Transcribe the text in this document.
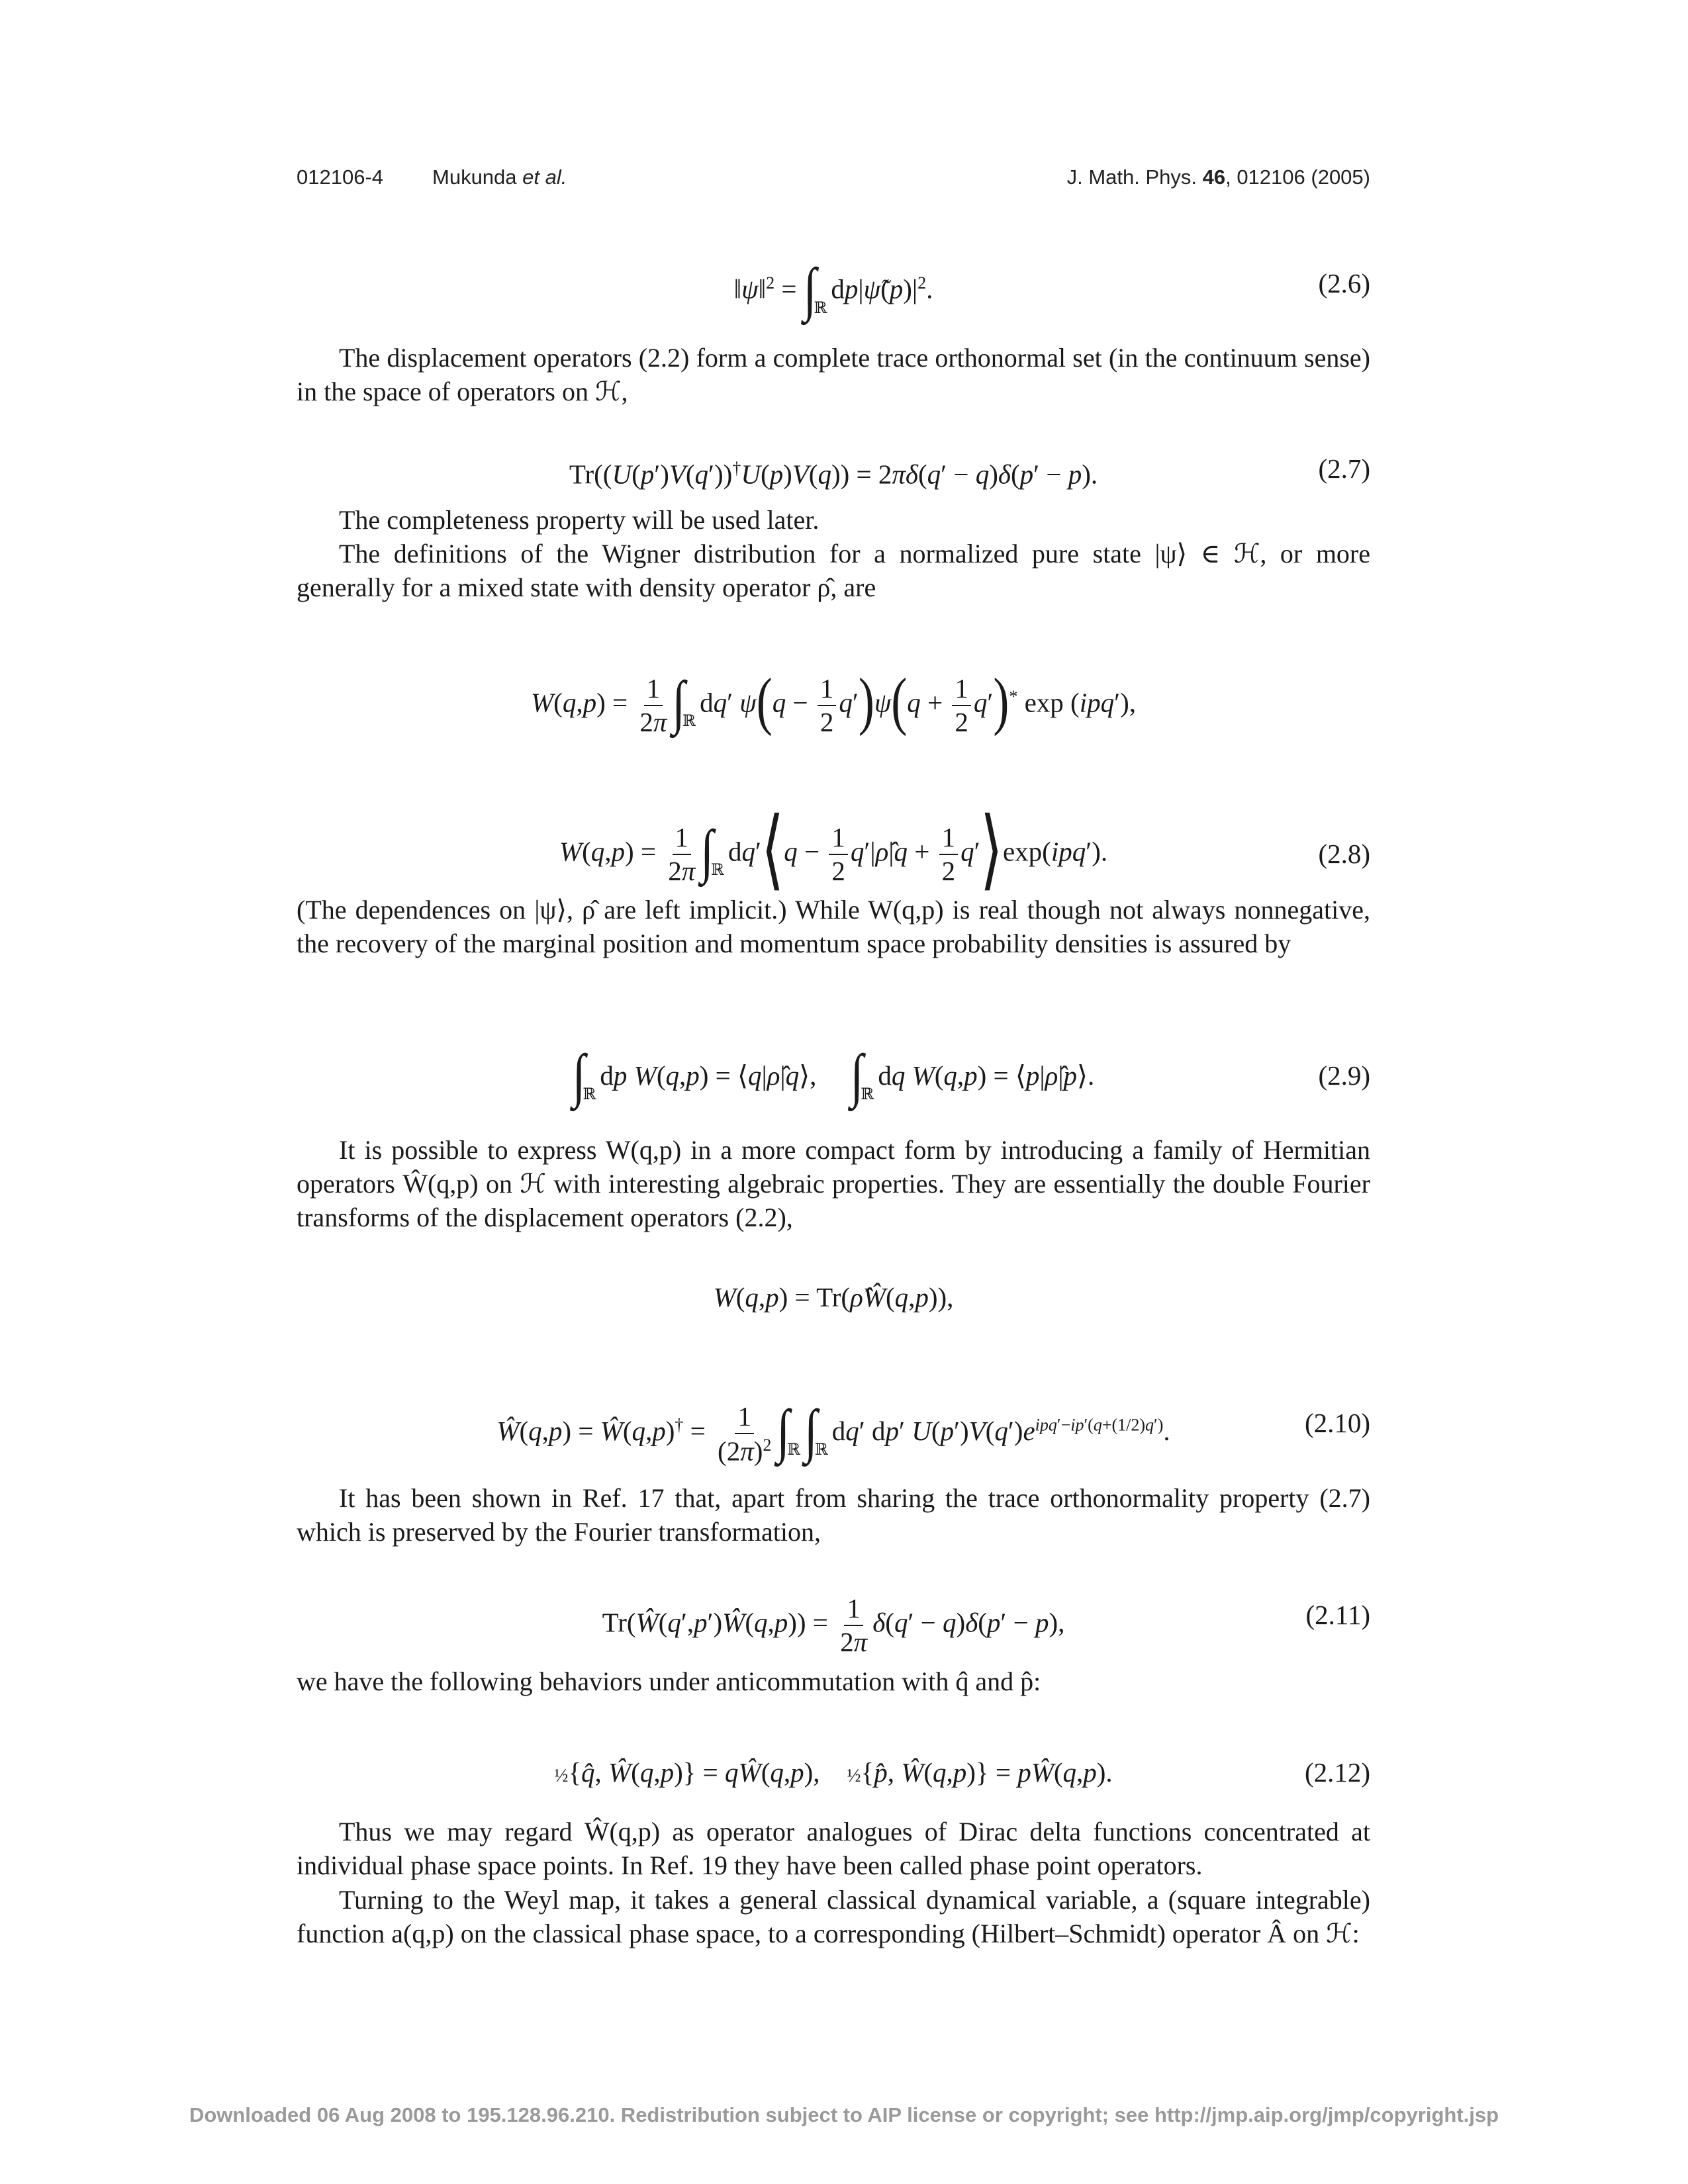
012106-4 Mukunda et al.	J. Math. Phys. 46, 012106 (2005)
‖ψ‖$^2$ = $\int_ℝdp|\psĩ(p)|^2$.	(2.6)
The displacement operators (2.2) form a complete trace orthonormal set (in the continuum sense) in the space of operators on ℋ,
Tr((U(p′)V(q′))†U(p)V(q)) = 2πδ(q′ − q)δ(p′ − p).	(2.7)
The completeness property will be used later.
The definitions of the Wigner distribution for a normalized pure state |ψ⟩ ∈ ℋ, or more generally for a mixed state with density operator ρ̂, are
$W(q,p) = \frac{1}{2\pi} \int_ℝdq'$ $\psi(q - \frac{1}{2} q')\psi(q + \frac{1}{2} q')^*$ exp (ipq′),
$W(q,p) = \frac{1}{2\pi}$ $\int_ℝdq'⟨q - \frac{1}{2}$ q′|ρ̂|q + $\frac{1}{2}$ q′⟩exp(ipq′).	(2.8)
(The dependences on |ψ⟩, ρ̂ are left implicit.) While W(q,p) is real though not always nonnegative, the recovery of the marginal position and momentum space probability densities is assured by
$\int_ℝdp$ W(q,p) = ⟨q|ρ̂|q⟩,     $\int_ℝdq$ W(q,p) = ⟨p|ρ̂|p⟩.	(2.9)
It is possible to express W(q,p) in a more compact form by introducing a family of Hermitian operators Ŵ(q,p) on ℋ with interesting algebraic properties. They are essentially the double Fourier transforms of the displacement operators (2.2),
W(q,p) = Tr(ρ̂Ŵ(q,p)),
Ŵ(q,p) = Ŵ(q,p)† = $\frac{1}{(2\pi)^2} \int_ℝ\int_ℝdq'$ dp′ $U(p')V(q')e^{ipq'-ip'(q+(1/2)q')}$.	(2.10)
It has been shown in Ref. 17 that, apart from sharing the trace orthonormality property (2.7) which is preserved by the Fourier transformation,
Tr(Ŵ(q′,p′)Ŵ(q,p)) = $\frac{1}{2\pi} \delta(q' - q)\delta(p' - p)$,	(2.11)
we have the following behaviors under anticommutation with q̂ and p̂:
½{q̂, Ŵ(q,p)} = qŴ(q,p),    ½{p̂, Ŵ(q,p)} = pŴ(q,p).	(2.12)
Thus we may regard Ŵ(q,p) as operator analogues of Dirac delta functions concentrated at individual phase space points. In Ref. 19 they have been called phase point operators.
Turning to the Weyl map, it takes a general classical dynamical variable, a (square integrable) function a(q,p) on the classical phase space, to a corresponding (Hilbert–Schmidt) operator Â on ℋ:
Downloaded 06 Aug 2008 to 195.128.96.210. Redistribution subject to AIP license or copyright; see http://jmp.aip.org/jmp/copyright.jsp
